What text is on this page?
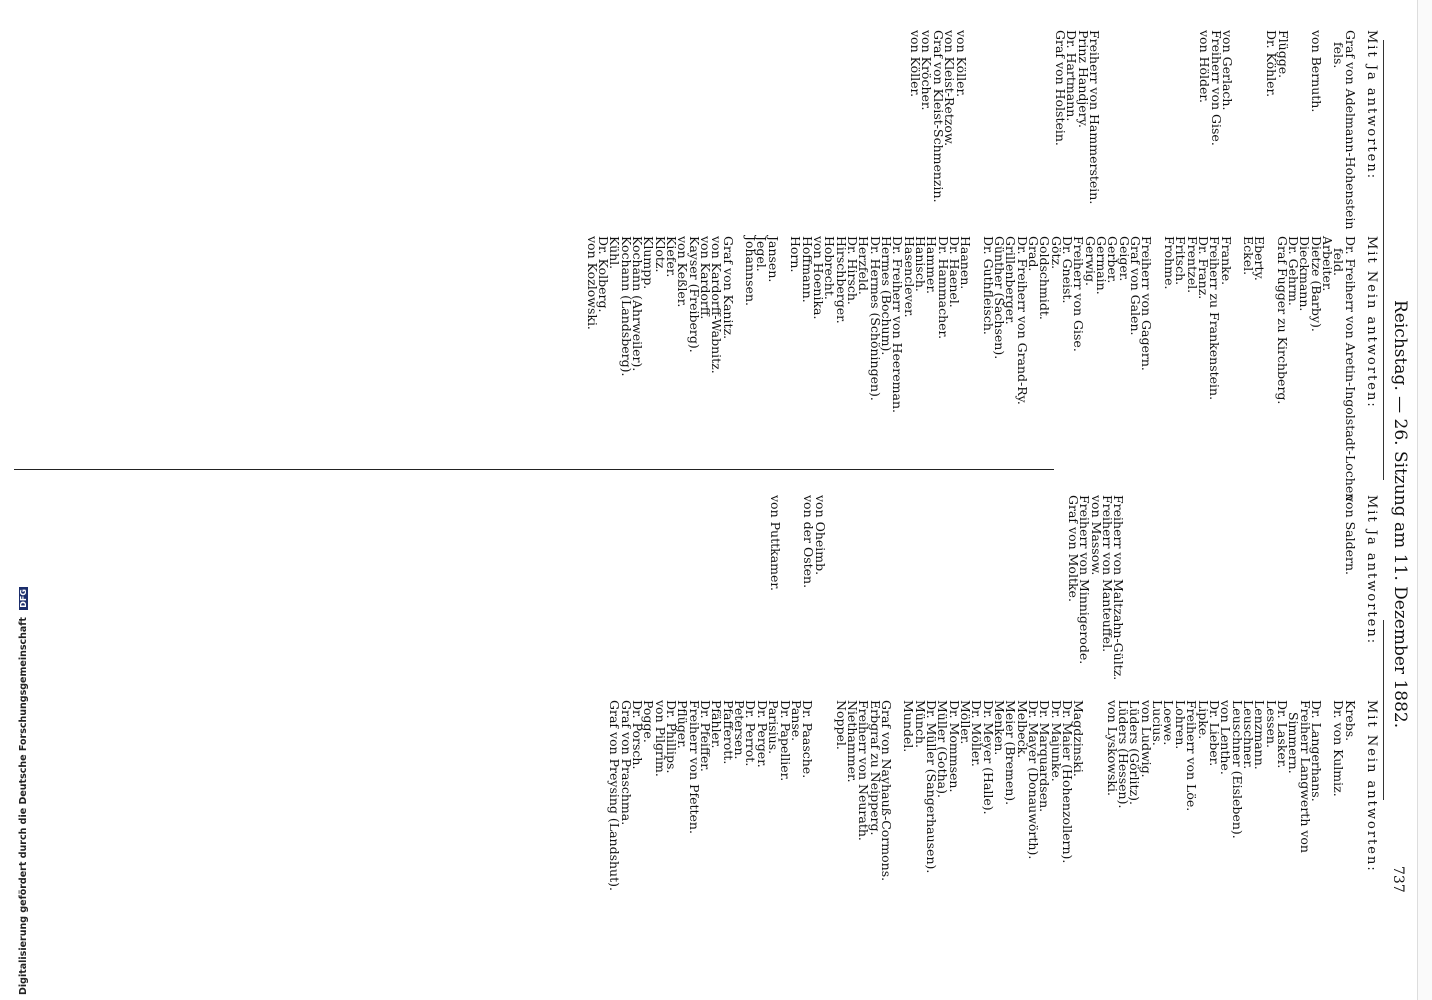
Reichstag. — 26. Sitzung am 11. Dezember 1882.
737
Mit Ja antworten:
Graf von Adelmann-Hohenstein
fels.
von Bernuth.
Flügge.
Dr. Köhler.
von Gerlach.
Freiherr von Gise.
von Hölder.
Freiherr von Hammerstein.
Prinz Handjery.
Dr. Hartmann.
Graf von Holstein.
von Köller.
von Kleist-Retzow.
Graf von Kleist-Schmenzin.
von Kröcher.
von Köller.
Mit Nein antworten:
Dr. Freiherr von Aretin-Ingolstadt-Lochen
feld.
Arbeiter.
Dietze (Barby).
Dieckmann.
Dr. Gehrm.
Graf Fugger zu Kirchberg.
Eberty.
Eckel.
Franke.
Freiherr zu Frankenstein.
Dr. Franz.
Frentzel.
Fritsch.
Frohme.
Freiherr von Gagern.
Graf von Galen.
Geiger.
Gerber.
Germain.
Gerwig.
Freiherr von Gise.
Dr. Gneist.
Götz.
Goldschmidt.
Grad.
Dr. Freiherr von Grand-Ry.
Grillenberger.
Günther (Sachsen).
Dr. Guthfleisch.
Haanen.
Dr. Haenel.
Dr. Hammacher.
Hammer.
Hanisch.
Hasenclever.
Dr. Freiherr von Heereman.
Hermes (Bochum).
Dr. Hermes (Schöningen).
Herzfeld.
Dr. Hirsch.
Hirschberger.
Hobrecht.
von Hoenika.
Hoffmann.
Horn.
Jansen.
Jegel.
Johannsen.
Graf von Kanitz.
von Kardorff-Wabnitz.
von Kardorff.
Kayser (Freiberg).
von Keßler.
Kiefer.
Klotz.
Klumpp.
Kochann (Ahrweiler).
Kochann (Landsberg).
Kühl.
Dr. Kolberg.
von Kozlowski.
Mit Ja antworten:
von Saldern.
Freiherr von Maltzahn-Gültz.
Freiherr von Manteuffel.
von Massow.
Freiherr von Minnigerode.
Graf von Moltke.
von Oheimb.
von der Osten.
von Puttkamer.
Mit Nein antworten:
Krebs.
Dr. von Kulmiz.
Dr. Langerhans.
Freiherr Langwerth von
Simmern.
Dr. Lasker.
Lessen.
Lenzmann.
Leuschner.
Leuschner (Eisleben).
von Lenthe.
Dr. Lieber.
Lipke.
Freiherr von Löe.
Lohren.
Loewe.
Lucius.
von Ludwig.
Lüders (Görlitz).
Lüders (Hessen).
von Lyskowski.
Magdzinski.
Dr. Maier (Hohenzollern).
Dr. Majunke.
Dr. Marquardsen.
Dr. Mayer (Donauwörth).
Melbeck.
Meier (Bremen).
Menken.
Dr. Meyer (Halle).
Dr. Möller.
Möller.
Dr. Mommsen.
Müller (Gotha).
Dr. Müller (Sangerhausen).
Münch.
Mundel.
Graf von Nayhauß-Cormons.
Erbgraf zu Neipperg.
Freiherr von Neurath.
Niethammer.
Noppel.
Dr. Paasche.
Panse.
Dr. Papellier.
Parisius.
Dr. Perger.
Dr. Perrot.
Petersen.
Pfafferott.
Pfähler.
Dr. Pfeiffer.
Freiherr von Pfetten.
Pflüger.
Dr. Phillips.
von Pilgrim.
Pogge.
Dr. Porsch.
Graf von Praschma.
Graf von Preysing (Landshut).
Digitalisierung gefördert durch die Deutsche Forschungsgemeinschaft DFG
